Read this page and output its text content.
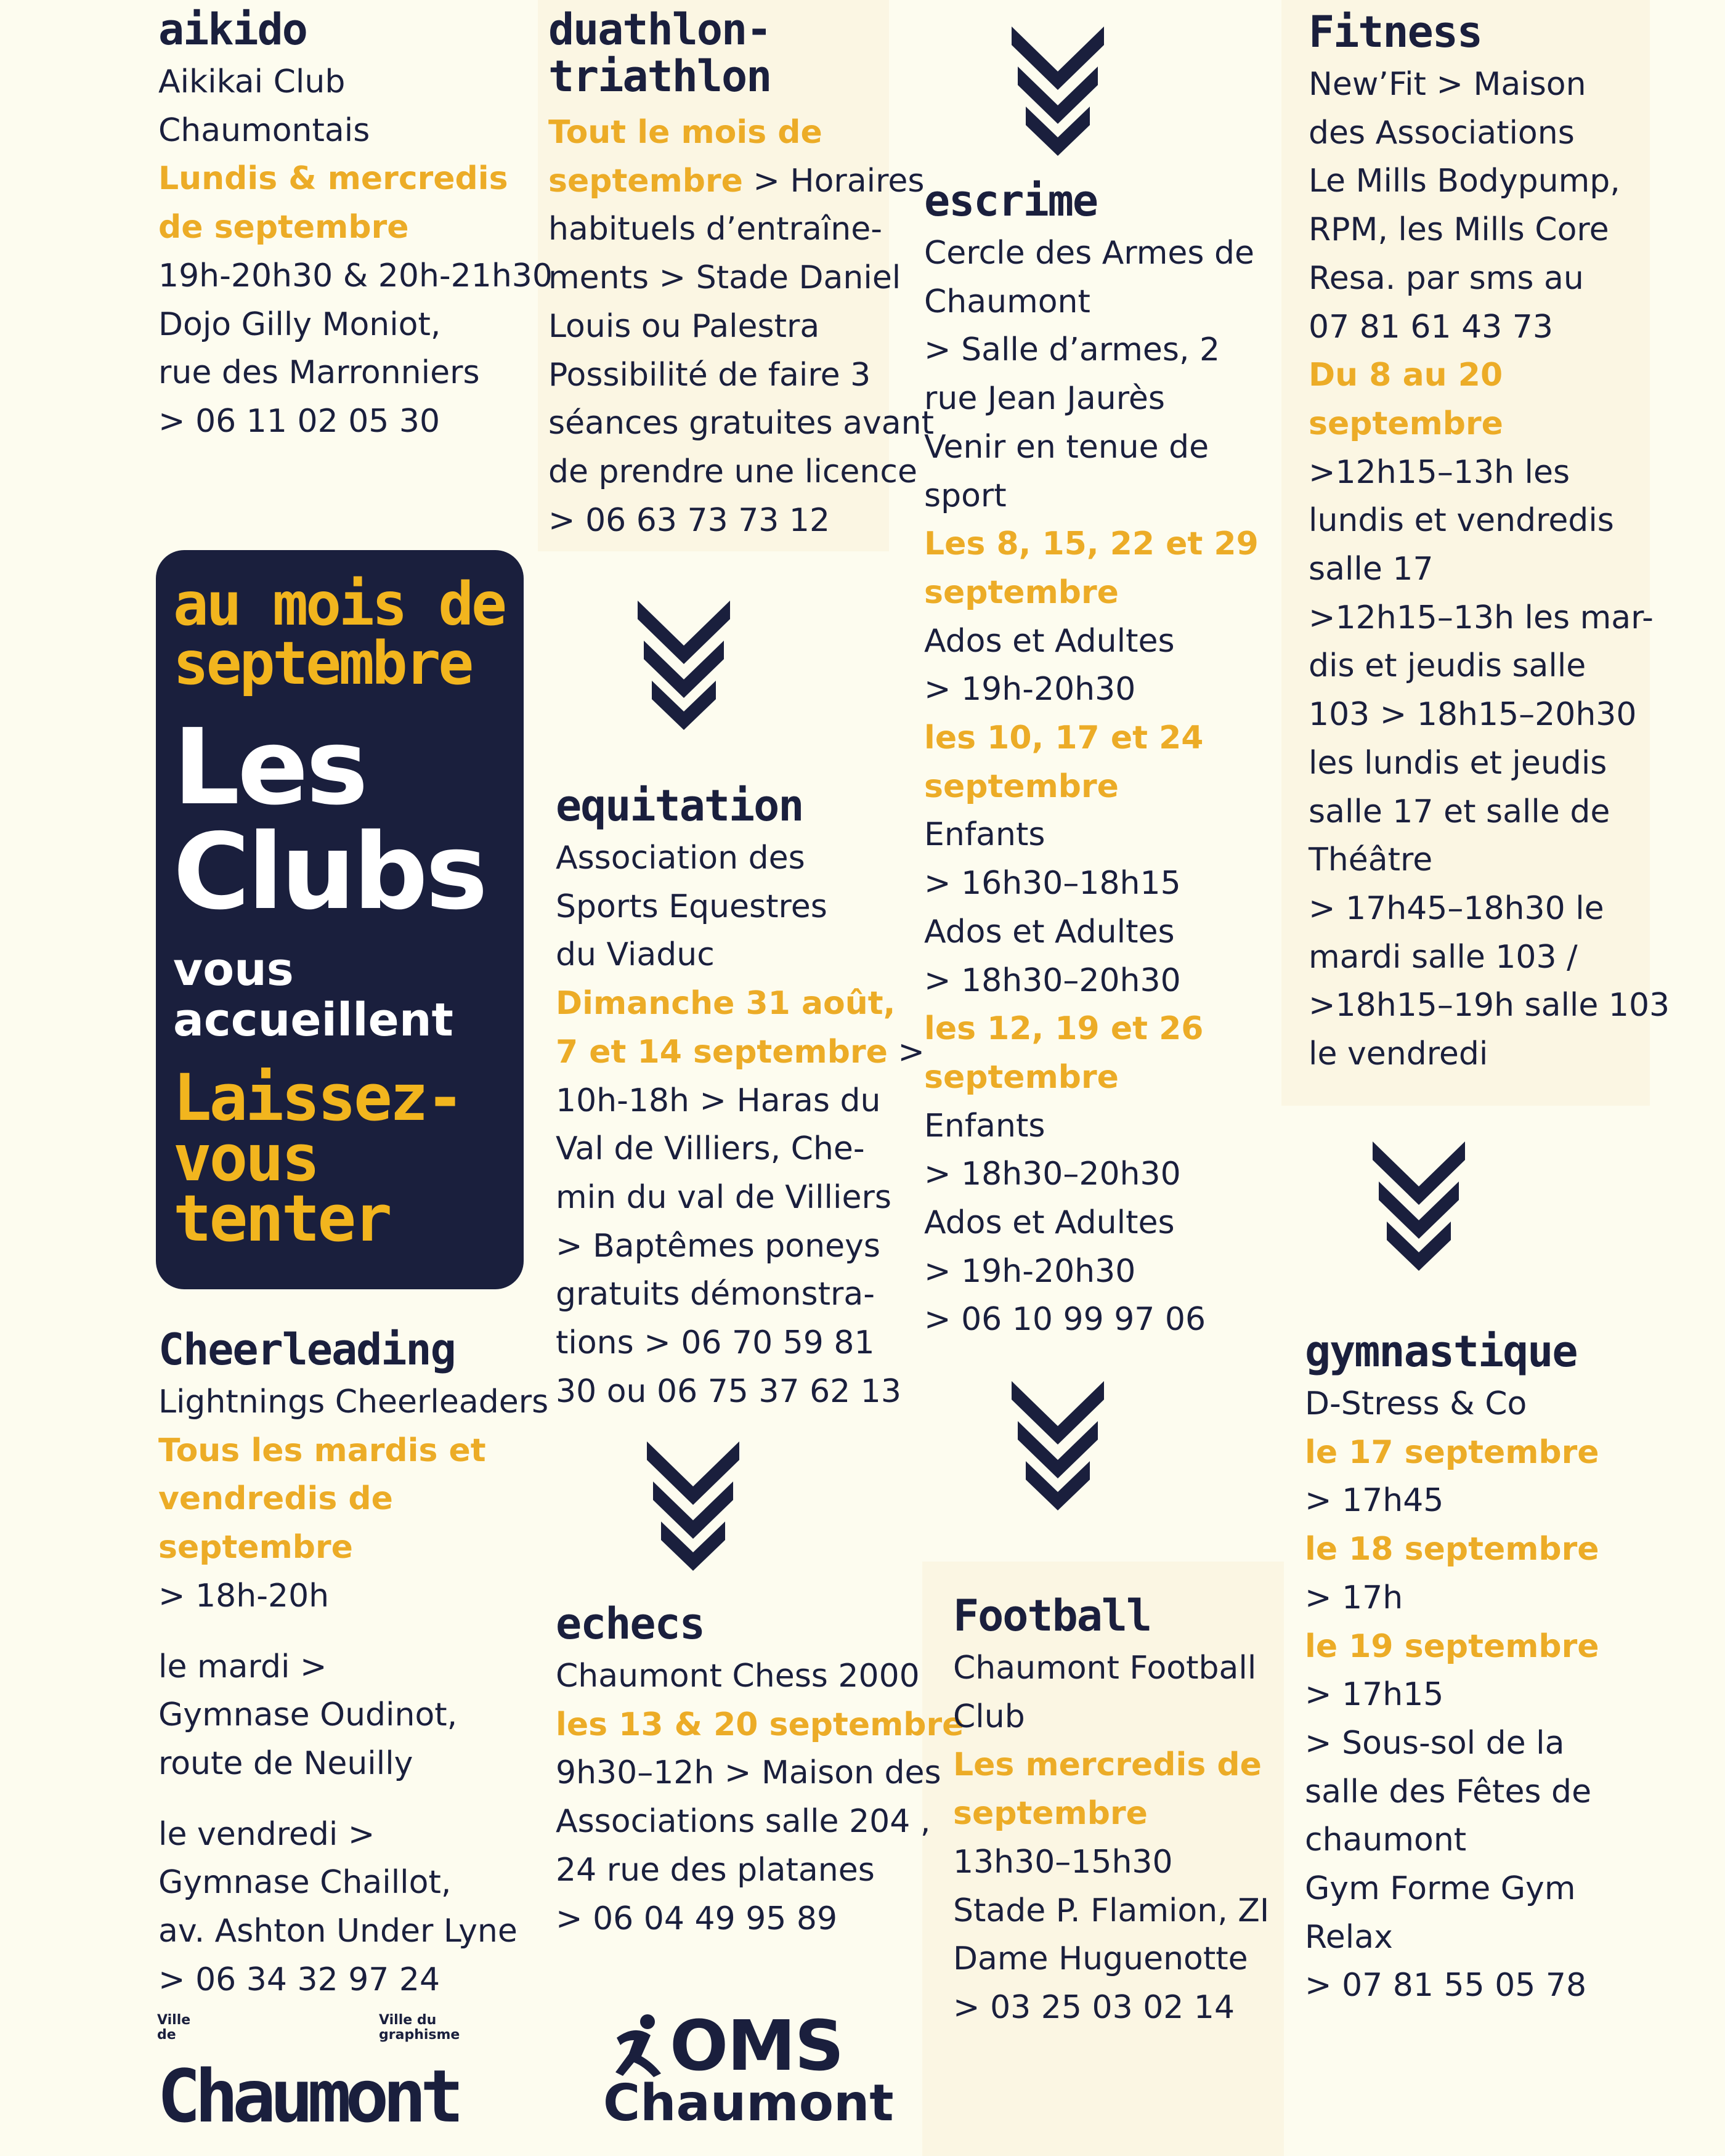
aikido
Aikikai Club
Chaumontais
Lundis & mercredis
de septembre
19h-20h30 & 20h-21h30
Dojo Gilly Moniot,
rue des Marronniers
> 06 11 02 05 30
duathlon-
triathlon
Tout le mois de
septembre > Horaires
habituels d’entraîne-
ments > Stade Daniel
Louis ou Palestra
Possibilité de faire 3
séances gratuites avant
de prendre une licence
> 06 63 73 73 12
escrime
Cercle des Armes de
Chaumont
> Salle d’armes, 2
rue Jean Jaurès
Venir en tenue de
sport
Les 8, 15, 22 et 29
septembre
Ados et Adultes
> 19h-20h30
les 10, 17 et 24
septembre
Enfants
> 16h30–18h15
Ados et Adultes
> 18h30–20h30
les 12, 19 et 26
septembre
Enfants
> 18h30–20h30
Ados et Adultes
> 19h-20h30
> 06 10 99 97 06
Fitness
New’Fit > Maison
des Associations
Le Mills Bodypump,
RPM, les Mills Core
Resa. par sms au
07 81 61 43 73
Du 8 au 20
septembre
>12h15–13h les
lundis et vendredis
salle 17
>12h15–13h les mar-
dis et jeudis salle
103 > 18h15–20h30
les lundis et jeudis
salle 17 et salle de
Théâtre
> 17h45–18h30 le
mardi salle 103 /
>18h15–19h salle 103
le vendredi
au mois de
septembre
Les
Clubs
vous
accueillent
Laissez-
vous
tenter
equitation
Association des
Sports Equestres
du Viaduc
Dimanche 31 août,
7 et 14 septembre >
10h-18h > Haras du
Val de Villiers, Che-
min du val de Villiers
> Baptêmes poneys
gratuits démonstra-
tions > 06 70 59 81
30 ou 06 75 37 62 13
Cheerleading
Lightnings Cheerleaders
Tous les mardis et
vendredis de
septembre
> 18h-20h
le mardi >
Gymnase Oudinot,
route de Neuilly
le vendredi >
Gymnase Chaillot,
av. Ashton Under Lyne
> 06 34 32 97 24
gymnastique
D-Stress & Co
le 17 septembre
> 17h45
le 18 septembre
> 17h
le 19 septembre
> 17h15
> Sous-sol de la
salle des Fêtes de
chaumont
Gym Forme Gym
Relax
> 07 81 55 05 78
echecs
Chaumont Chess 2000
les 13 & 20 septembre
9h30–12h > Maison des
Associations salle 204 ,
24 rue des platanes
> 06 04 49 95 89
Football
Chaumont Football
Club
Les mercredis de
septembre
13h30–15h30
Stade P. Flamion, ZI
Dame Huguenotte
> 03 25 03 02 14
Ville
de
Ville du
graphisme
Chaumont
OMS
Chaumont
